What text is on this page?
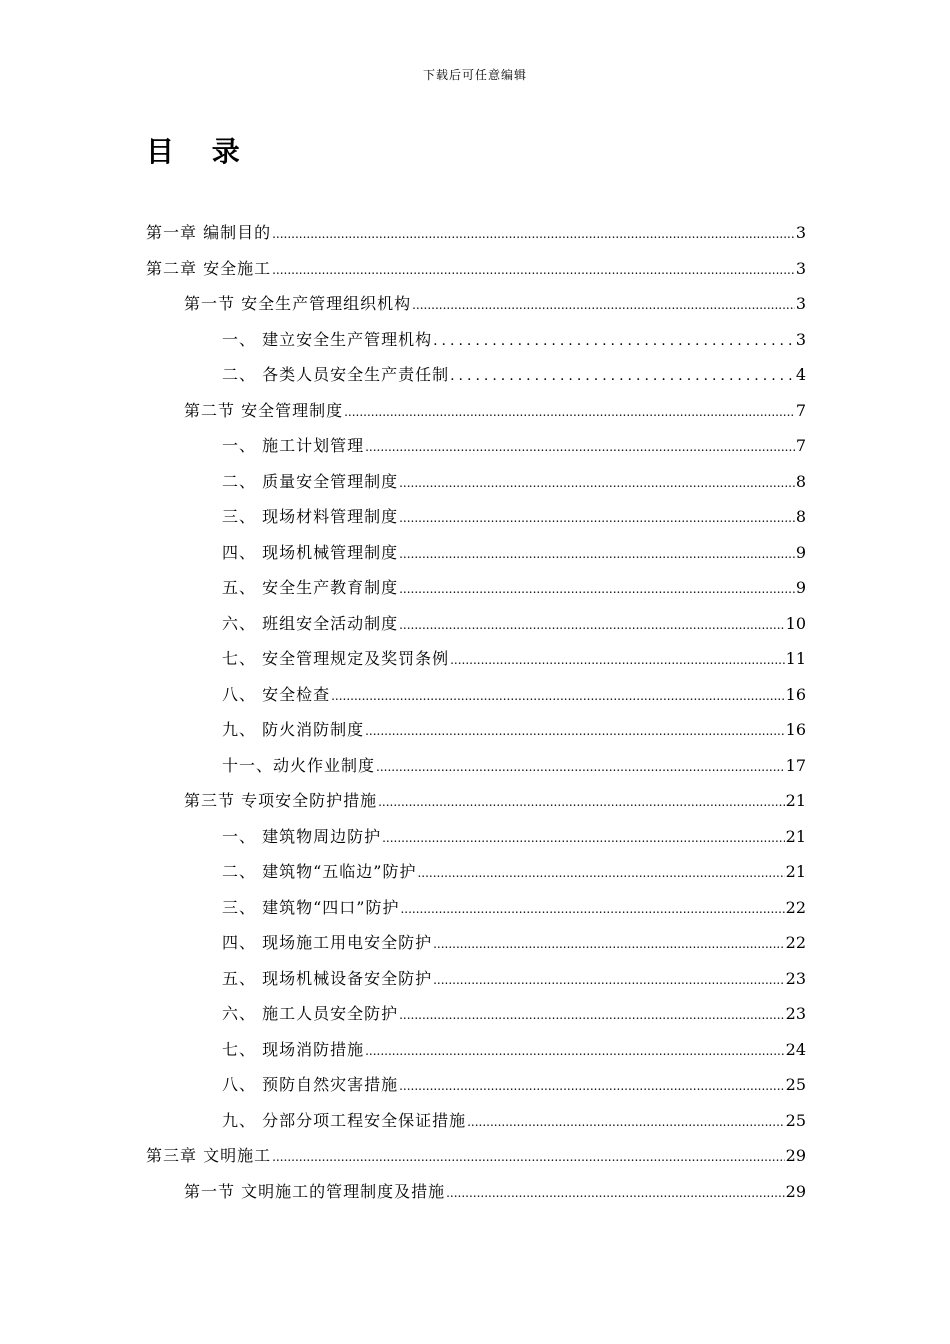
下载后可任意编辑
目 录
第一章 编制目的 .....	3
第二章 安全施工 .....	3
第一节 安全生产管理组织机构 .....	3
一、 建立安全生产管理机构 .....	3
二、 各类人员安全生产责任制 .....	4
第二节 安全管理制度 .....	7
一、 施工计划管理 .....	7
二、 质量安全管理制度 .....	8
三、 现场材料管理制度 .....	8
四、 现场机械管理制度 .....	9
五、 安全生产教育制度 .....	9
六、 班组安全活动制度 .....	10
七、 安全管理规定及奖罚条例 .....	11
八、 安全检查 .....	16
九、 防火消防制度 .....	16
十一、动火作业制度 .....	17
第三节 专项安全防护措施 .....	21
一、 建筑物周边防护 .....	21
二、 建筑物“五临边”防护 .....	21
三、 建筑物“四口”防护 .....	22
四、 现场施工用电安全防护 .....	22
五、 现场机械设备安全防护 .....	23
六、 施工人员安全防护 .....	23
七、 现场消防措施 .....	24
八、 预防自然灾害措施 .....	25
九、 分部分项工程安全保证措施 .....	25
第三章 文明施工 .....	29
第一节 文明施工的管理制度及措施 .....	29
